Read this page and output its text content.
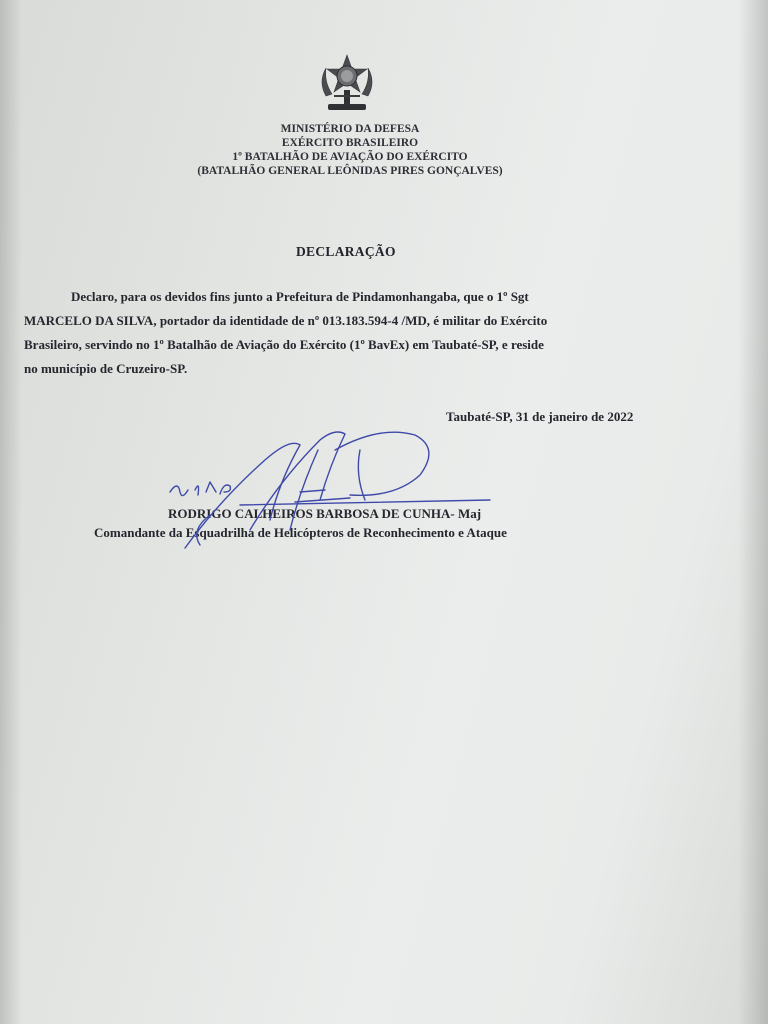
MINISTÉRIO DA DEFESA
EXÉRCITO BRASILEIRO
1º BATALHÃO DE AVIAÇÃO DO EXÉRCITO
(BATALHÃO GENERAL LEÔNIDAS PIRES GONÇALVES)
DECLARAÇÃO
Declaro, para os devidos fins junto a Prefeitura de Pindamonhangaba, que o 1º Sgt
MARCELO DA SILVA, portador da identidade de nº 013.183.594-4 /MD, é militar do Exército
Brasileiro, servindo no 1º Batalhão de Aviação do Exército (1º BavEx) em Taubaté-SP, e reside
no município de Cruzeiro-SP.
Taubaté-SP, 31 de janeiro de 2022
RODRIGO CALHEIROS BARBOSA DE CUNHA- Maj
Comandante da Esquadrilha de Helicópteros de Reconhecimento e Ataque
